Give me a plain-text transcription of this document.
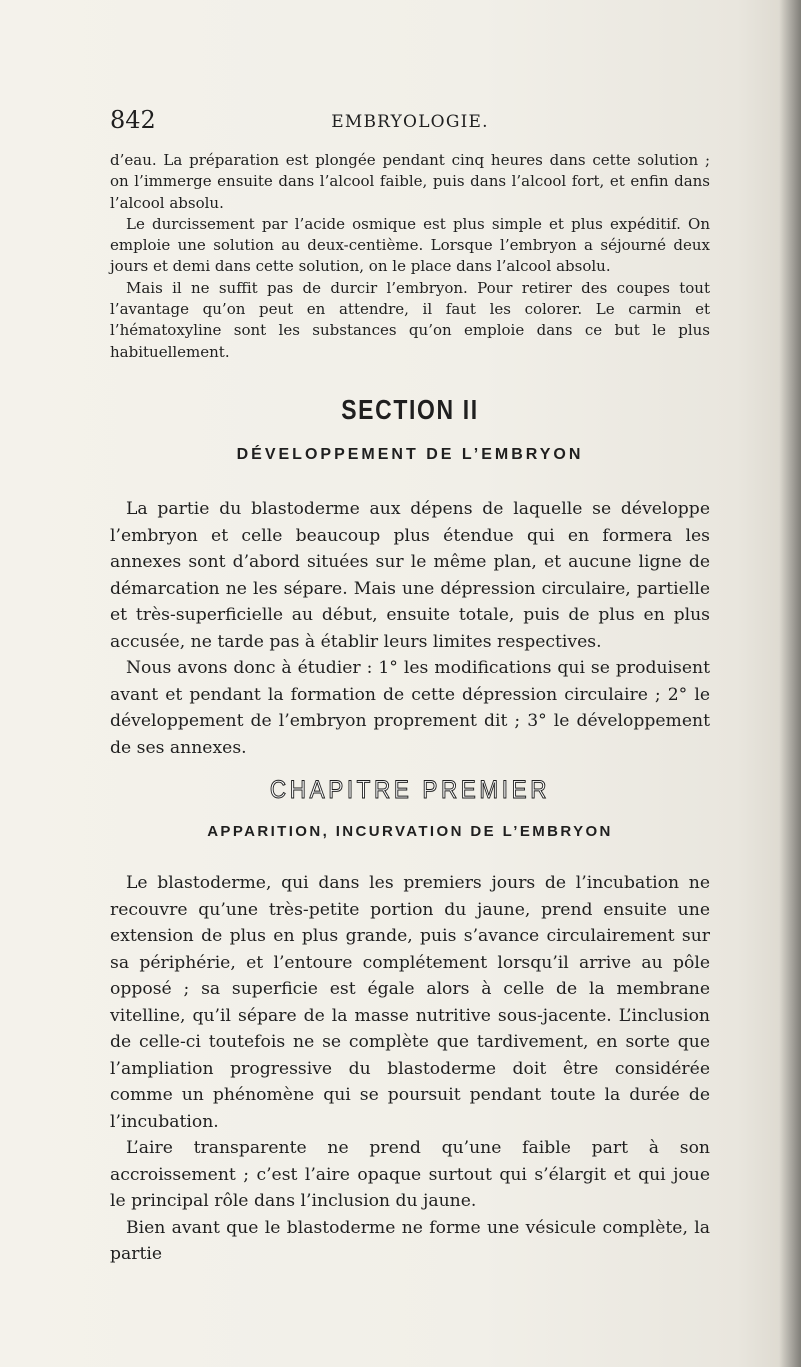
842	EMBRYOLOGIE.

d’eau. La préparation est plongée pendant cinq heures dans cette solution ; on l’immerge ensuite dans l’alcool faible, puis dans l’alcool fort, et enfin dans l’alcool absolu.

Le durcissement par l’acide osmique est plus simple et plus expéditif. On emploie une solution au deux-centième. Lorsque l’embryon a séjourné deux jours et demi dans cette solution, on le place dans l’alcool absolu.

Mais il ne suffit pas de durcir l’embryon. Pour retirer des coupes tout l’avantage qu’on peut en attendre, il faut les colorer. Le carmin et l’hématoxyline sont les substances qu’on emploie dans ce but le plus habituellement.

SECTION II
DÉVELOPPEMENT DE L’EMBRYON

La partie du blastoderme aux dépens de laquelle se développe l’embryon et celle beaucoup plus étendue qui en formera les annexes sont d’abord situées sur le même plan, et aucune ligne de démarcation ne les sépare. Mais une dépression circulaire, partielle et très-superficielle au début, ensuite totale, puis de plus en plus accusée, ne tarde pas à établir leurs limites respectives.

Nous avons donc à étudier : 1° les modifications qui se produisent avant et pendant la formation de cette dépression circulaire ; 2° le développement de l’embryon proprement dit ; 3° le développement de ses annexes.

CHAPITRE PREMIER
APPARITION, INCURVATION DE L’EMBRYON

Le blastoderme, qui dans les premiers jours de l’incubation ne recouvre qu’une très-petite portion du jaune, prend ensuite une extension de plus en plus grande, puis s’avance circulairement sur sa périphérie, et l’entoure complétement lorsqu’il arrive au pôle opposé ; sa superficie est égale alors à celle de la membrane vitelline, qu’il sépare de la masse nutritive sous-jacente. L’inclusion de celle-ci toutefois ne se complète que tardivement, en sorte que l’ampliation progressive du blastoderme doit être considérée comme un phénomène qui se poursuit pendant toute la durée de l’incubation.

L’aire transparente ne prend qu’une faible part à son accroissement ; c’est l’aire opaque surtout qui s’élargit et qui joue le principal rôle dans l’inclusion du jaune.

Bien avant que le blastoderme ne forme une vésicule complète, la partie
